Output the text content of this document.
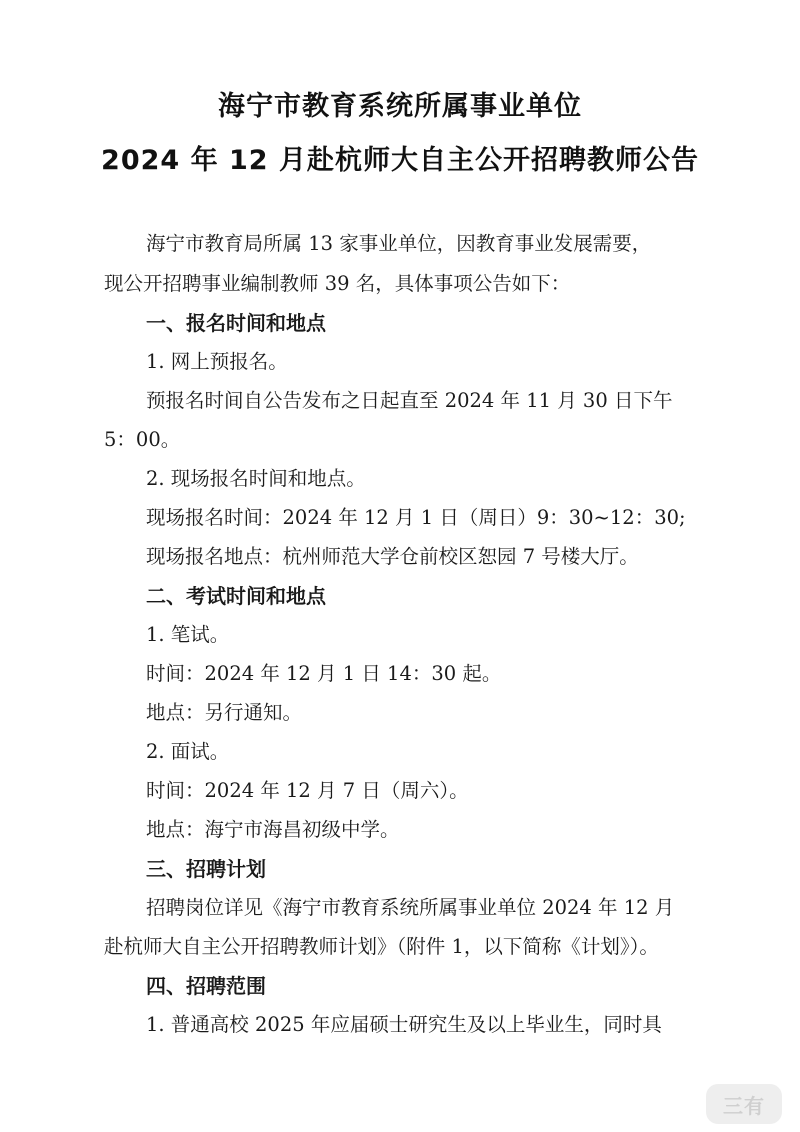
海宁市教育系统所属事业单位
2024 年 12 月赴杭师大自主公开招聘教师公告
海宁市教育局所属 13 家事业单位，因教育事业发展需要，
现公开招聘事业编制教师 39 名，具体事项公告如下：
一、报名时间和地点
1. 网上预报名。
预报名时间自公告发布之日起直至 2024 年 11 月 30 日下午
5：00。
2. 现场报名时间和地点。
现场报名时间：2024 年 12 月 1 日（周日）9：30~12：30;
现场报名地点：杭州师范大学仓前校区恕园 7 号楼大厅。
二、考试时间和地点
1. 笔试。
时间：2024 年 12 月 1 日 14：30 起。
地点：另行通知。
2. 面试。
时间：2024 年 12 月 7 日（周六）。
地点：海宁市海昌初级中学。
三、招聘计划
招聘岗位详见《海宁市教育系统所属事业单位 2024 年 12 月
赴杭师大自主公开招聘教师计划》（附件 1，以下简称《计划》）。
四、招聘范围
1. 普通高校 2025 年应届硕士研究生及以上毕业生，同时具
三有
